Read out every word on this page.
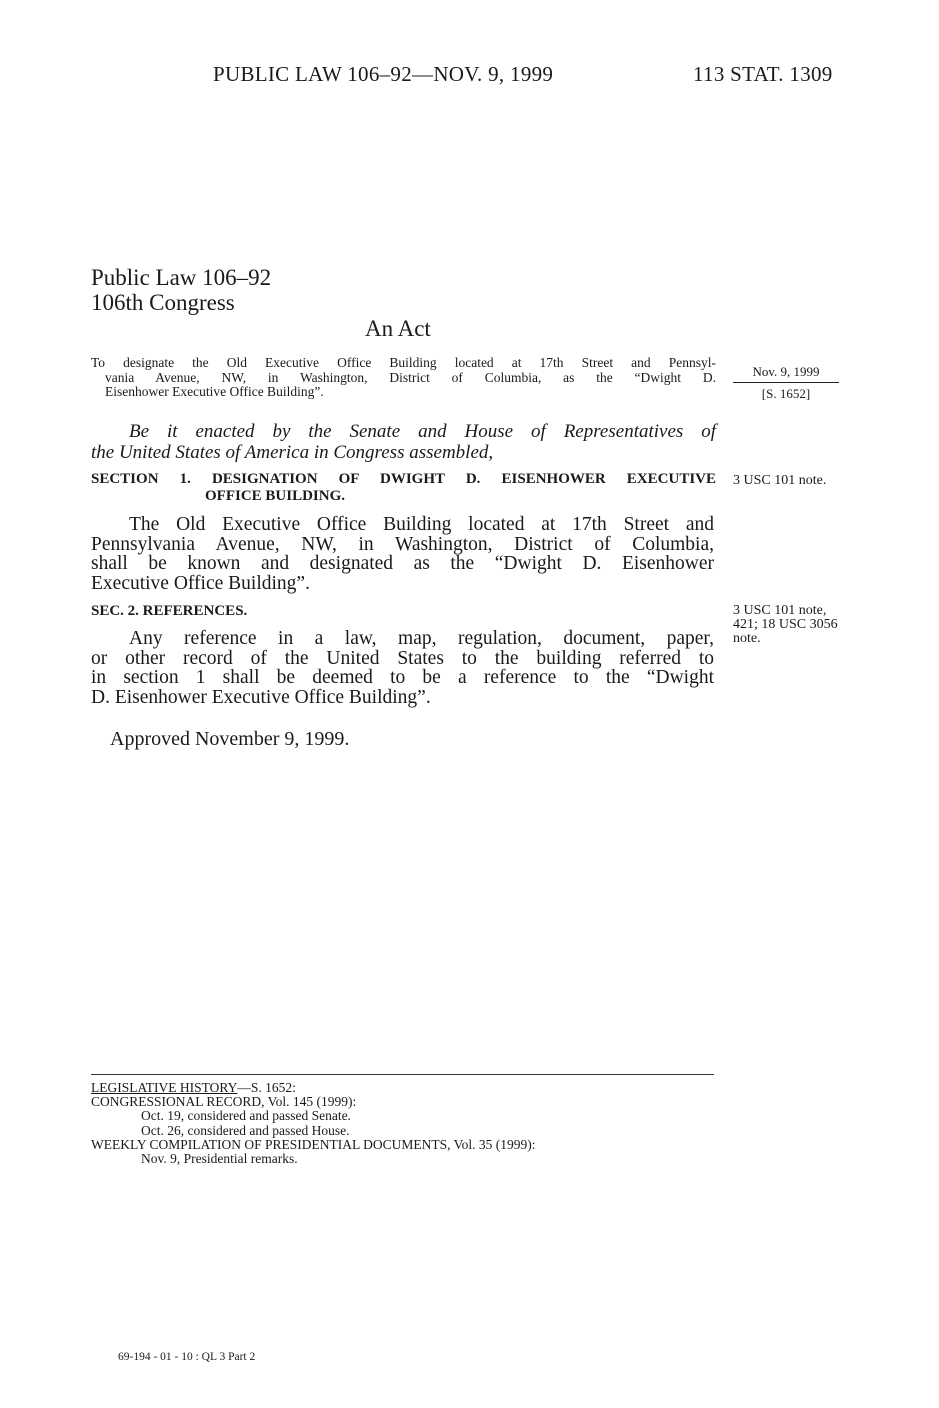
PUBLIC LAW 106–92—NOV. 9, 1999	113 STAT. 1309
Public Law 106–92
106th Congress
An Act
To designate the Old Executive Office Building located at 17th Street and Pennsyl-
vania Avenue, NW, in Washington, District of Columbia, as the “Dwight D.
Eisenhower Executive Office Building”.
Nov. 9, 1999
[S. 1652]
Be it enacted by the Senate and House of Representatives of
the United States of America in Congress assembled,
SECTION 1. DESIGNATION OF DWIGHT D. EISENHOWER EXECUTIVE
OFFICE BUILDING.
3 USC 101 note.
The Old Executive Office Building located at 17th Street and
Pennsylvania Avenue, NW, in Washington, District of Columbia,
shall be known and designated as the “Dwight D. Eisenhower
Executive Office Building”.
SEC. 2. REFERENCES.	3 USC 101 note, 421; 18 USC 3056 note.
Any reference in a law, map, regulation, document, paper,
or other record of the United States to the building referred to
in section 1 shall be deemed to be a reference to the “Dwight
D. Eisenhower Executive Office Building”.
Approved November 9, 1999.
LEGISLATIVE HISTORY—S. 1652:
CONGRESSIONAL RECORD, Vol. 145 (1999):
Oct. 19, considered and passed Senate.
Oct. 26, considered and passed House.
WEEKLY COMPILATION OF PRESIDENTIAL DOCUMENTS, Vol. 35 (1999):
Nov. 9, Presidential remarks.
69-194 - 01 - 10 : QL 3 Part 2
